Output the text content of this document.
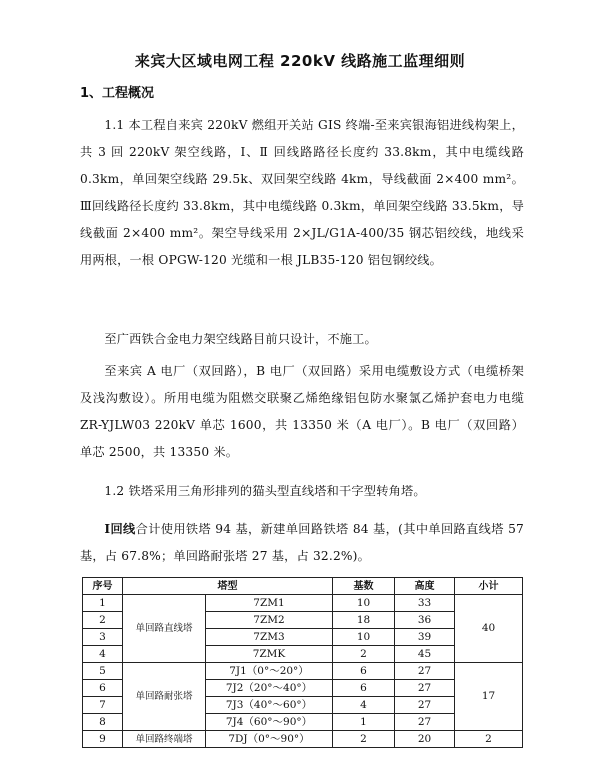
来宾大区域电网工程 220kV 线路施工监理细则
1、工程概况
1.1 本工程自来宾 220kV 燃组开关站 GIS 终端-至来宾银海铝进线构架上，共 3 回 220kV 架空线路，Ⅰ、Ⅱ 回线路路径长度约 33.8km，其中电缆线路 0.3km，单回架空线路 29.5k、双回架空线路 4km，导线截面 2×400 mm²。Ⅲ回线路径长度约 33.8km，其中电缆线路 0.3km，单回架空线路 33.5km，导线截面 2×400 mm²。架空导线采用 2×JL/G1A-400/35 钢芯铝绞线，地线采用两根，一根 OPGW-120 光缆和一根 JLB35-120 铝包钢绞线。
至广西铁合金电力架空线路目前只设计，不施工。
至来宾 A 电厂（双回路），B 电厂（双回路）采用电缆敷设方式（电缆桥架及浅沟敷设）。所用电缆为阻燃交联聚乙烯绝缘铝包防水聚氯乙烯护套电力电缆 ZR-YJLW03 220kV 单芯 1600，共 13350 米（A 电厂）。B 电厂（双回路）单芯 2500，共 13350 米。
1.2 铁塔采用三角形排列的猫头型直线塔和干字型转角塔。
Ⅰ回线合计使用铁塔 94 基，新建单回路铁塔 84 基，(其中单回路直线塔 57 基，占 67.8%；单回路耐张塔 27 基，占 32.2%)。
序号	塔型		基数	高度	小计
1	单回路直线塔	7ZM1	10	33	40
2		7ZM2	18	36	
3		7ZM3	10	39	
4		7ZMK	2	45	
5	单回路耐张塔	7J1（0°～20°）	6	27	17
6		7J2（20°～40°）	6	27	
7		7J3（40°～60°）	4	27	
8		7J4（60°～90°）	1	27	
9	单回路终端塔	7DJ（0°～90°）	2	20	2
